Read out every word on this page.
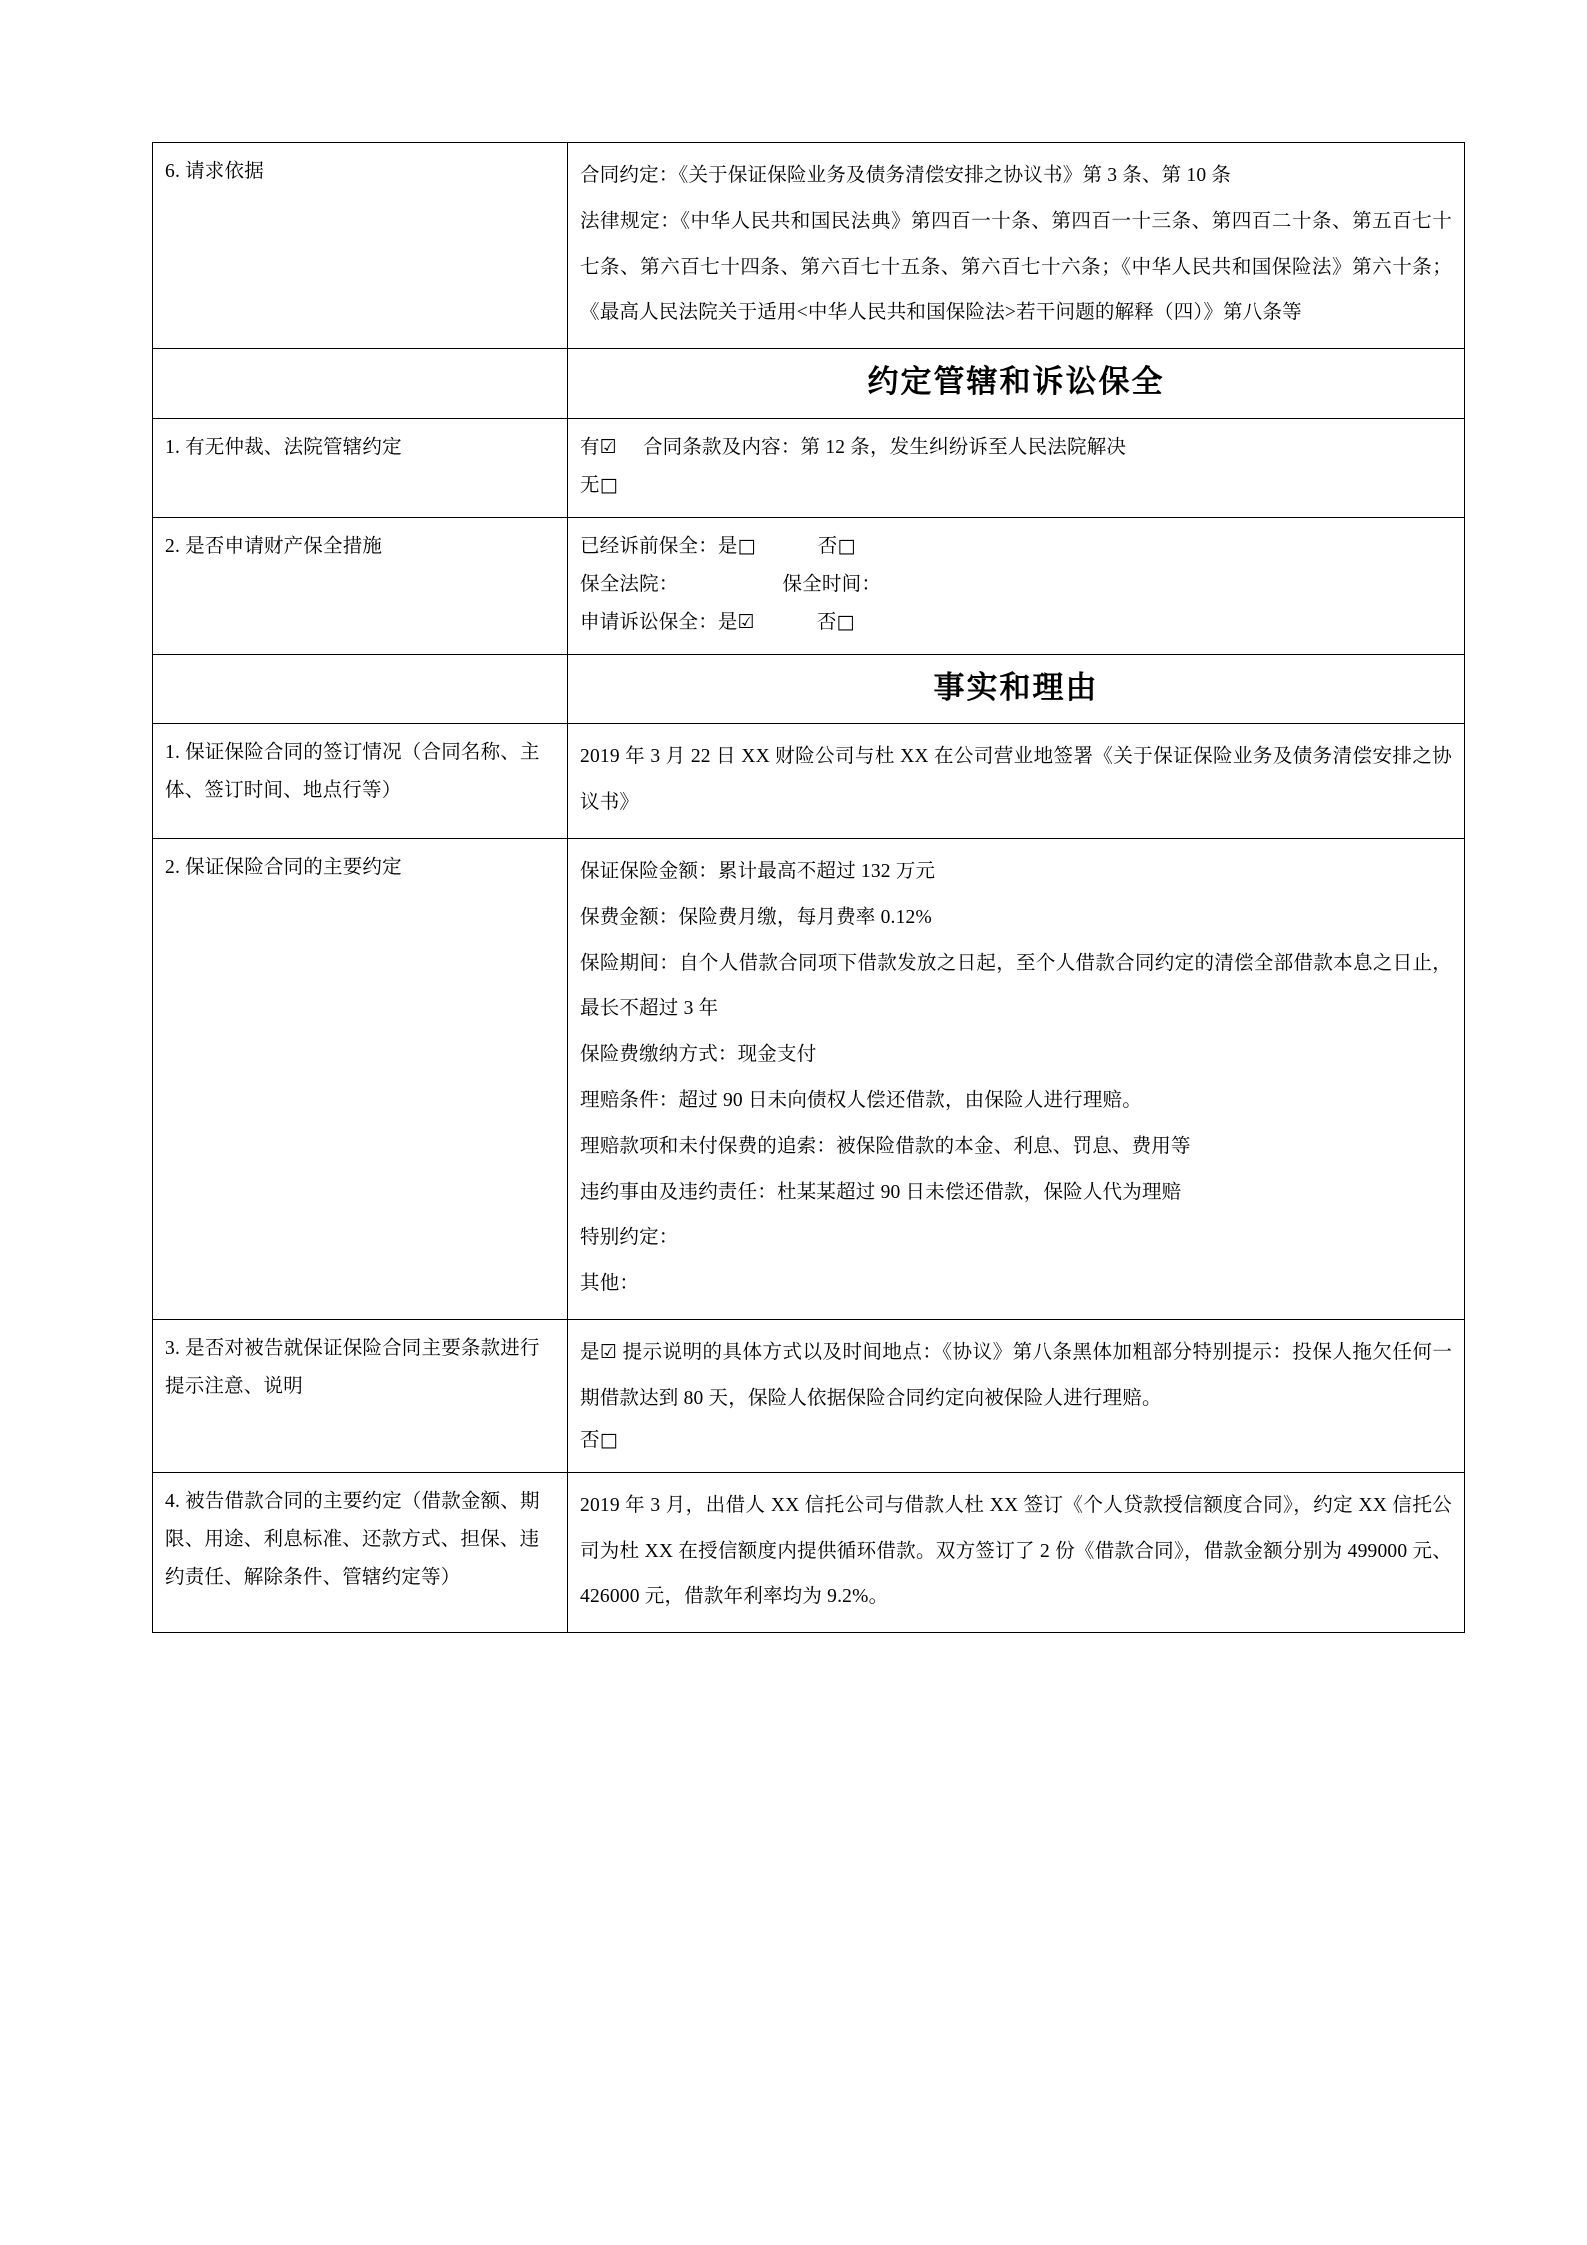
6. 请求依据	合同约定：《关于保证保险业务及债务清偿安排之协议书》第 3 条、第 10 条

法律规定：《中华人民共和国民法典》第四百一十条、第四百一十三条、第四百二十条、第五百七十七条、第六百七十四条、第六百七十五条、第六百七十六条；《中华人民共和国保险法》第六十条；《最高人民法院关于适用<中华人民共和国保险法>若干问题的解释（四）》第八条等

	约定管辖和诉讼保全

1. 有无仲裁、法院管辖约定	有☑ 合同条款及内容：第 12 条，发生纠纷诉至人民法院解决

无□

2. 是否申请财产保全措施	已经诉前保全：是□ 否□

保全法院： 保全时间：

申请诉讼保全：是☑ 否□

	事实和理由

1. 保证保险合同的签订情况（合同名称、主体、签订时间、地点行等）	2019 年 3 月 22 日 XX 财险公司与杜 XX 在公司营业地签署《关于保证保险业务及债务清偿安排之协议书》

2. 保证保险合同的主要约定	保证保险金额：累计最高不超过 132 万元

保费金额：保险费月缴，每月费率 0.12%

保险期间：自个人借款合同项下借款发放之日起，至个人借款合同约定的清偿全部借款本息之日止，最长不超过 3 年

保险费缴纳方式：现金支付

理赔条件：超过 90 日未向债权人偿还借款，由保险人进行理赔。

理赔款项和未付保费的追索：被保险借款的本金、利息、罚息、费用等

违约事由及违约责任：杜某某超过 90 日未偿还借款，保险人代为理赔

特别约定：

其他：

3. 是否对被告就保证保险合同主要条款进行提示注意、说明	是☑ 提示说明的具体方式以及时间地点：《协议》第八条黑体加粗部分特别提示：投保人拖欠任何一期借款达到 80 天，保险人依据保险合同约定向被保险人进行理赔。

否□

4. 被告借款合同的主要约定（借款金额、期限、用途、利息标准、还款方式、担保、违约责任、解除条件、管辖约定等）	2019 年 3 月，出借人 XX 信托公司与借款人杜 XX 签订《个人贷款授信额度合同》，约定 XX 信托公司为杜 XX 在授信额度内提供循环借款。双方签订了 2 份《借款合同》，借款金额分别为 499000 元、426000 元，借款年利率均为 9.2%。
